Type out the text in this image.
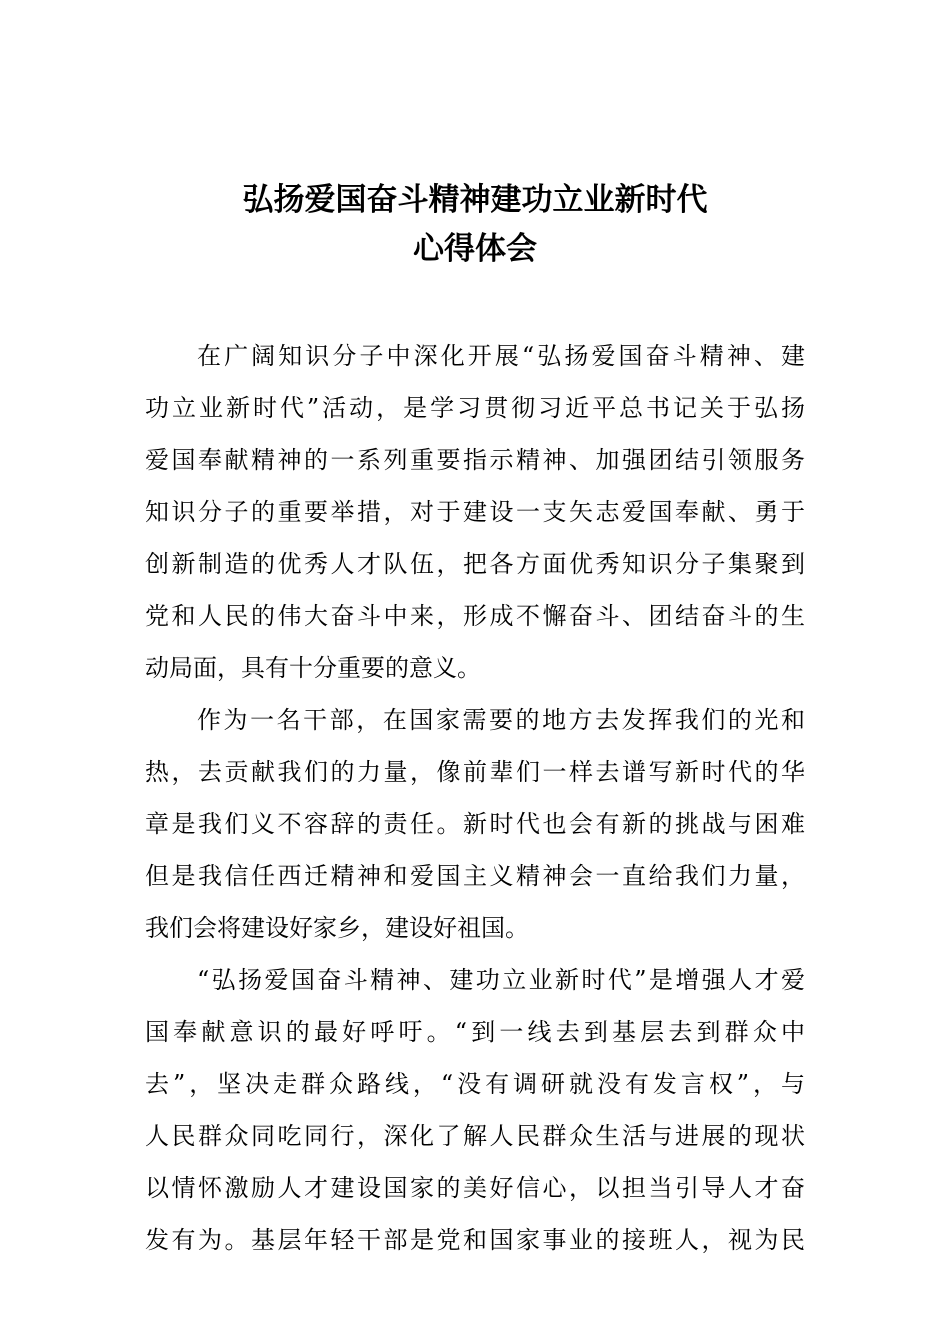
弘扬爱国奋斗精神建功立业新时代
心得体会
在广阔知识分子中深化开展“弘扬爱国奋斗精神、建
功立业新时代”活动，是学习贯彻习近平总书记关于弘扬
爱国奉献精神的一系列重要指示精神、加强团结引领服务
知识分子的重要举措，对于建设一支矢志爱国奉献、勇于
创新制造的优秀人才队伍，把各方面优秀知识分子集聚到
党和人民的伟大奋斗中来，形成不懈奋斗、团结奋斗的生
动局面，具有十分重要的意义。
作为一名干部，在国家需要的地方去发挥我们的光和
热，去贡献我们的力量，像前辈们一样去谱写新时代的华
章是我们义不容辞的责任。新时代也会有新的挑战与困难
但是我信任西迁精神和爱国主义精神会一直给我们力量，
我们会将建设好家乡，建设好祖国。
“弘扬爱国奋斗精神、建功立业新时代”是增强人才爱
国奉献意识的最好呼吁。“到一线去到基层去到群众中
去”，坚决走群众路线，“没有调研就没有发言权”，与
人民群众同吃同行，深化了解人民群众生活与进展的现状
以情怀激励人才建设国家的美好信心，以担当引导人才奋
发有为。基层年轻干部是党和国家事业的接班人，视为民
